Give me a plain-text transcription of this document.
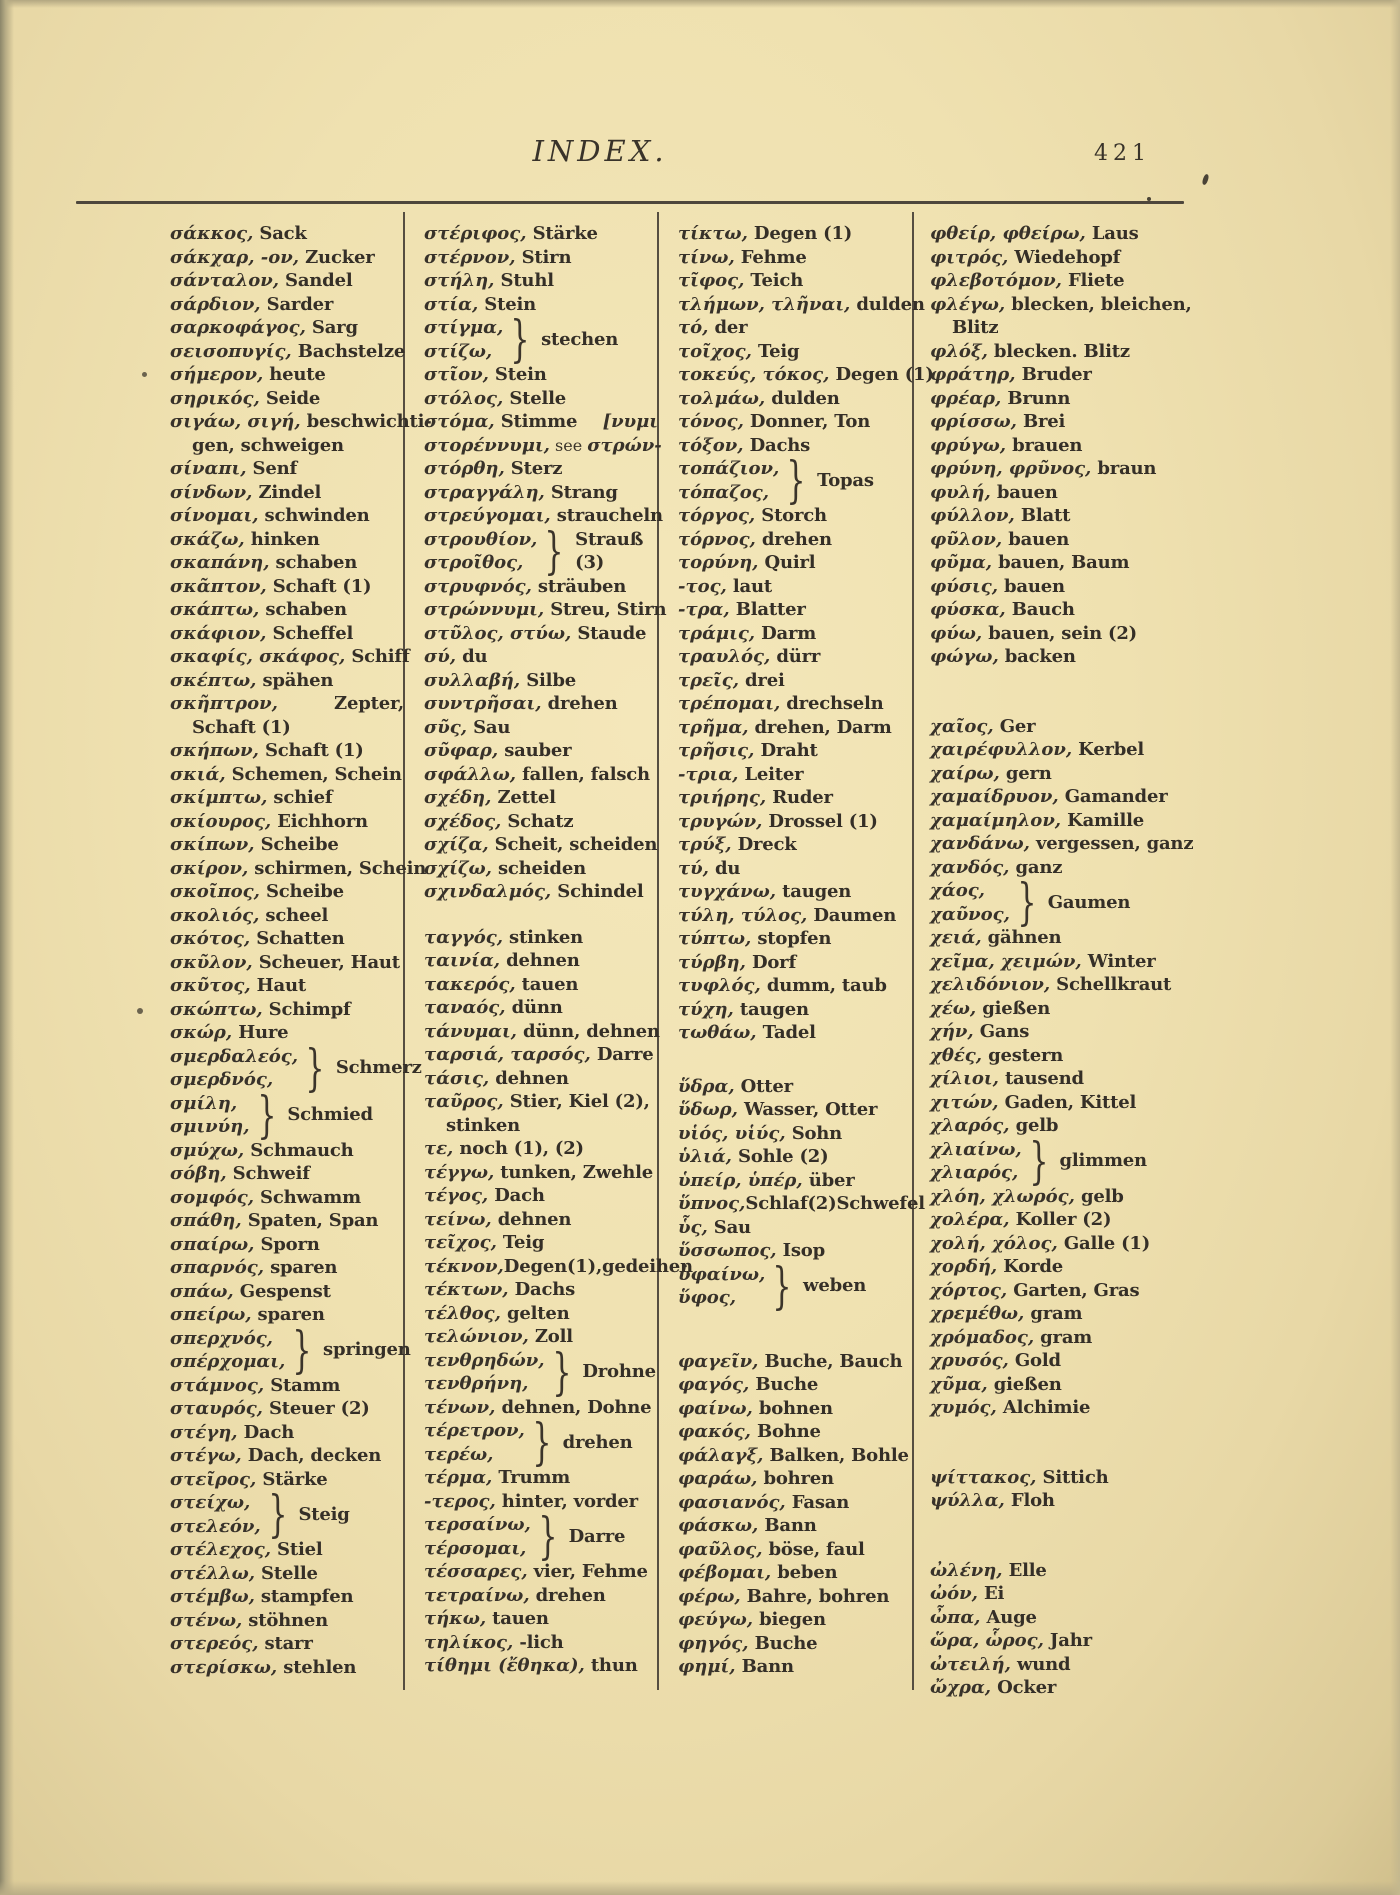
INDEX.	421
σάκκος, Sack
σάκχαρ, -ον, Zucker
σάνταλον, Sandel
σάρδιον, Sarder
σαρκοφάγος, Sarg
σεισοπυγίς, Bachstelze
σήμερον, heute
σηρικός, Seide
σιγάω, σιγή, beschwichti-
gen, schweigen
σίναπι, Senf
σίνδων, Zindel
σίνομαι, schwinden
σκάζω, hinken
σκαπάνη, schaben
σκᾶπτον, Schaft (1)
σκάπτω, schaben
σκάφιον, Scheffel
σκαφίς, σκάφος, Schiff
σκέπτω, spähen
σκῆπτρον,	Zepter,
Schaft (1)
σκήπων, Schaft (1)
σκιά, Schemen, Schein
σκίμπτω, schief
σκίουρος, Eichhorn
σκίπων, Scheibe
σκίρον, schirmen, Schein
σκοῖπος, Scheibe
σκολιός, scheel
σκότος, Schatten
σκῦλον, Scheuer, Haut
σκῦτος, Haut
σκώπτω, Schimpf
σκώρ, Hure
σμερδαλεός,
σμερδνός, } Schmerz
σμίλη,
σμινύη, } Schmied
σμύχω, Schmauch
σόβη, Schweif
σομφός, Schwamm
σπάθη, Spaten, Span
σπαίρω, Sporn
σπαρνός, sparen
σπάω, Gespenst
σπείρω, sparen
σπερχνός,
σπέρχομαι, } springen
στάμνος, Stamm
σταυρός, Steuer (2)
στέγη, Dach
στέγω, Dach, decken
στεῖρος, Stärke
στείχω,
στελεόν, } Steig
στέλεχος, Stiel
στέλλω, Stelle
στέμβω, stampfen
στένω, stöhnen
στερεός, starr
στερίσκω, stehlen
στέριφος, Stärke
στέρνον, Stirn
στήλη, Stuhl
στία, Stein
στίγμα,
στίζω, } stechen
στῖον, Stein
στόλος, Stelle
στόμα, Stimme [νυμι
στορέννυμι, see στρών-
στόρθη, Sterz
στραγγάλη, Strang
στρεύγομαι, straucheln
στρουθίον,
στροῖθος, } Strauß (3)
στρυφνός, sträuben
στρώννυμι, Streu, Stirn
στῦλος, στύω, Staude
σύ, du
συλλαβή, Silbe
συντρῆσαι, drehen
σῦς, Sau
σῦφαρ, sauber
σφάλλω, fallen, falsch
σχέδη, Zettel
σχέδος, Schatz
σχίζα, Scheit, scheiden
σχίζω, scheiden
σχινδαλμός, Schindel
ταγγός, stinken
ταινία, dehnen
τακερός, tauen
ταναός, dünn
τάνυμαι, dünn, dehnen
ταρσιά, ταρσός, Darre
τάσις, dehnen
ταῦρος, Stier, Kiel (2),
stinken
τε, noch (1), (2)
τέγγω, tunken, Zwehle
τέγος, Dach
τείνω, dehnen
τεῖχος, Teig
τέκνον,Degen(1),gedeihen
τέκτων, Dachs
τέλθος, gelten
τελώνιον, Zoll
τενθρηδών,
τενθρήνη, } Drohne
τένων, dehnen, Dohne
τέρετρον,
τερέω, } drehen
τέρμα, Trumm
-τερος, hinter, vorder
τερσαίνω,
τέρσομαι, } Darre
τέσσαρες, vier, Fehme
τετραίνω, drehen
τήκω, tauen
τηλίκος, -lich
τίθημι (ἔθηκα), thun
τίκτω, Degen (1)
τίνω, Fehme
τῖφος, Teich
τλήμων, τλῆναι, dulden
τό, der
τοῖχος, Teig
τοκεύς, τόκος, Degen (1)
τολμάω, dulden
τόνος, Donner, Ton
τόξον, Dachs
τοπάζιον,
τόπαζος, } Topas
τόργος, Storch
τόρνος, drehen
τορύνη, Quirl
-τος, laut
-τρα, Blatter
τράμις, Darm
τραυλός, dürr
τρεῖς, drei
τρέπομαι, drechseln
τρῆμα, drehen, Darm
τρῆσις, Draht
-τρια, Leiter
τριήρης, Ruder
τρυγών, Drossel (1)
τρύξ, Dreck
τύ, du
τυγχάνω, taugen
τύλη, τύλος, Daumen
τύπτω, stopfen
τύρβη, Dorf
τυφλός, dumm, taub
τύχη, taugen
τωθάω, Tadel
ὕδρα, Otter
ὕδωρ, Wasser, Otter
υἱός, υἱύς, Sohn
ὑλιά, Sohle (2)
ὑπείρ, ὑπέρ, über
ὕπνος,Schlaf(2)Schwefel
ὗς, Sau
ὕσσωπος, Isop
ὑφαίνω,
ὕφος, } weben
φαγεῖν, Buche, Bauch
φαγός, Buche
φαίνω, bohnen
φακός, Bohne
φάλαγξ, Balken, Bohle
φαράω, bohren
φασιανός, Fasan
φάσκω, Bann
φαῦλος, böse, faul
φέβομαι, beben
φέρω, Bahre, bohren
φεύγω, biegen
φηγός, Buche
φημί, Bann
φθείρ, φθείρω, Laus
φιτρός, Wiedehopf
φλεβοτόμον, Fliete
φλέγω, blecken, bleichen,
Blitz
φλόξ, blecken. Blitz
φράτηρ, Bruder
φρέαρ, Brunn
φρίσσω, Brei
φρύγω, brauen
φρύνη, φρῦνος, braun
φυλή, bauen
φύλλον, Blatt
φῦλον, bauen
φῦμα, bauen, Baum
φύσις, bauen
φύσκα, Bauch
φύω, bauen, sein (2)
φώγω, backen
χαῖος, Ger
χαιρέφυλλον, Kerbel
χαίρω, gern
χαμαίδρυον, Gamander
χαμαίμηλον, Kamille
χανδάνω, vergessen, ganz
χανδός, ganz
χάος,
χαῦνος, } Gaumen
χειά, gähnen
χεῖμα, χειμών, Winter
χελιδόνιον, Schellkraut
χέω, gießen
χήν, Gans
χθές, gestern
χίλιοι, tausend
χιτών, Gaden, Kittel
χλαρός, gelb
χλιαίνω,
χλιαρός, } glimmen
χλόη, χλωρός, gelb
χολέρα, Koller (2)
χολή, χόλος, Galle (1)
χορδή, Korde
χόρτος, Garten, Gras
χρεμέθω, gram
χρόμαδος, gram
χρυσός, Gold
χῦμα, gießen
χυμός, Alchimie
ψίττακος, Sittich
ψύλλα, Floh
ὠλένη, Elle
ὠόν, Ei
ὦπα, Auge
ὥρα, ὧρος, Jahr
ὠτειλή, wund
ὤχρα, Ocker
